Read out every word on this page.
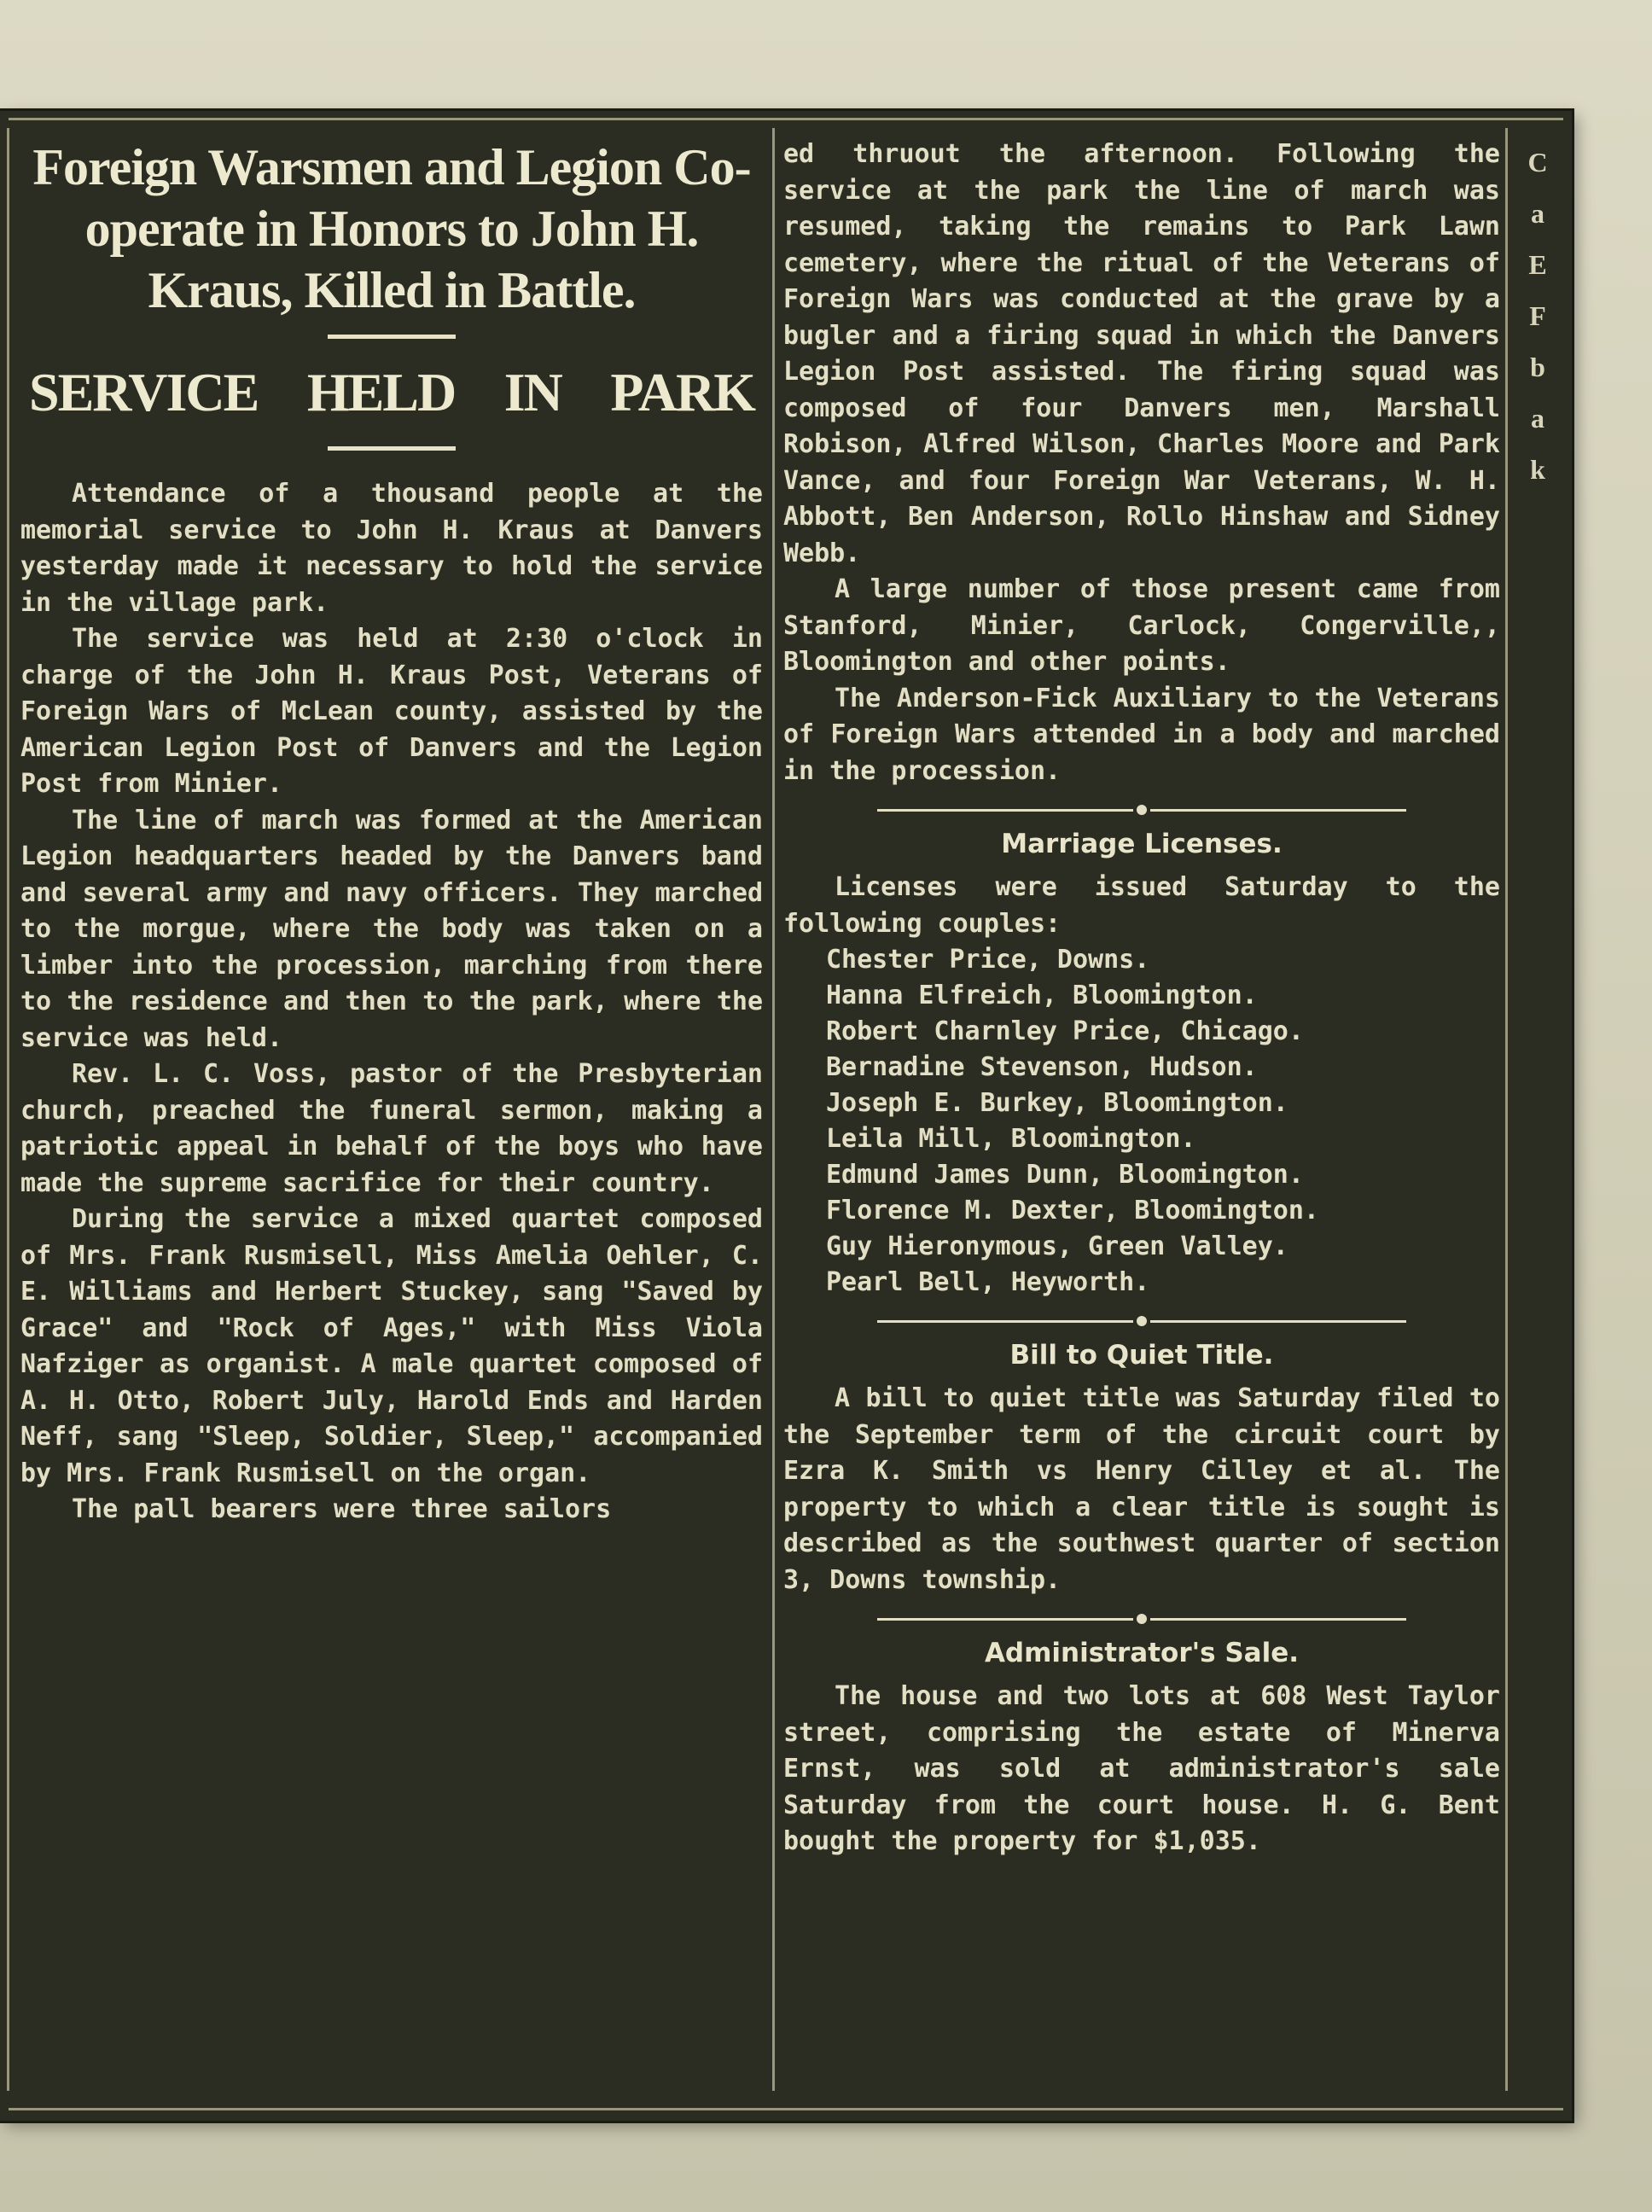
Foreign Warsmen and Legion Co-operate in Honors to John H. Kraus, Killed in Battle.
SERVICE HELD IN PARK

Attendance of a thousand people at the memorial service to John H. Kraus at Danvers yesterday made it necessary to hold the service in the village park.

The service was held at 2:30 o'clock in charge of the John H. Kraus Post, Veterans of Foreign Wars of McLean county, assisted by the American Legion Post of Danvers and the Legion Post from Minier.

The line of march was formed at the American Legion headquarters headed by the Danvers band and several army and navy officers. They marched to the morgue, where the body was taken on a limber into the procession, marching from there to the residence and then to the park, where the service was held.

Rev. L. C. Voss, pastor of the Presbyterian church, preached the funeral sermon, making a patriotic appeal in behalf of the boys who have made the supreme sacrifice for their country.

During the service a mixed quartet composed of Mrs. Frank Rusmisell, Miss Amelia Oehler, C. E. Williams and Herbert Stuckey, sang "Saved by Grace" and "Rock of Ages," with Miss Viola Nafziger as organist. A male quartet composed of A. H. Otto, Robert July, Harold Ends and Harden Neff, sang "Sleep, Soldier, Sleep," accompanied by Mrs. Frank Rusmisell on the organ.

The pall bearers were three sailors

ed thruout the afternoon. Following the service at the park the line of march was resumed, taking the remains to Park Lawn cemetery, where the ritual of the Veterans of Foreign Wars was conducted at the grave by a bugler and a firing squad in which the Danvers Legion Post assisted. The firing squad was composed of four Danvers men, Marshall Robison, Alfred Wilson, Charles Moore and Park Vance, and four Foreign War Veterans, W. H. Abbott, Ben Anderson, Rollo Hinshaw and Sidney Webb.

A large number of those present came from Stanford, Minier, Carlock, Congerville,, Bloomington and other points.

The Anderson-Fick Auxiliary to the Veterans of Foreign Wars attended in a body and marched in the procession.

Marriage Licenses.

Licenses were issued Saturday to the following couples:

Chester Price, Downs.
Hanna Elfreich, Bloomington.
Robert Charnley Price, Chicago.
Bernadine Stevenson, Hudson.
Joseph E. Burkey, Bloomington.
Leila Mill, Bloomington.
Edmund James Dunn, Bloomington.
Florence M. Dexter, Bloomington.
Guy Hieronymous, Green Valley.
Pearl Bell, Heyworth.
Bill to Quiet Title.

A bill to quiet title was Saturday filed to the September term of the circuit court by Ezra K. Smith vs Henry Cilley et al. The property to which a clear title is sought is described as the southwest quarter of section 3, Downs township.

Administrator's Sale.

The house and two lots at 608 West Taylor street, comprising the estate of Minerva Ernst, was sold at administrator's sale Saturday from the court house. H. G. Bent bought the property for $1,035.

C
a
E
F
b
a
k
